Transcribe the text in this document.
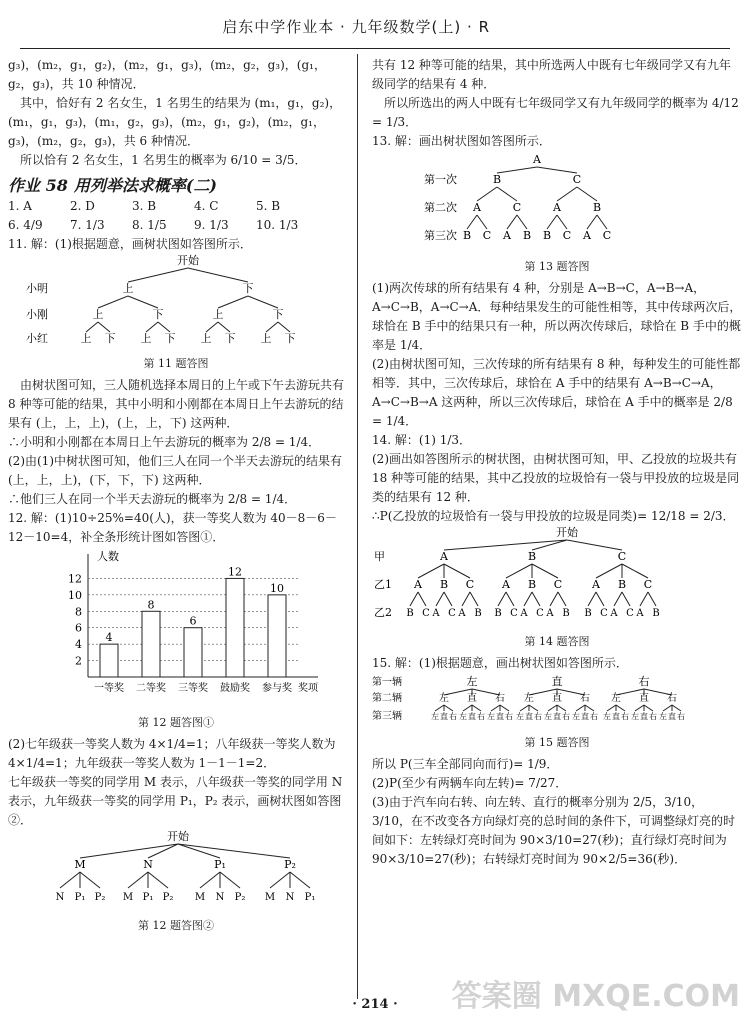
启东中学作业本 · 九年级数学(上) · R

g₃)，(m₂，g₁，g₂)，(m₂，g₁，g₃)，(m₂，g₂，g₃)，(g₁，g₂，g₃)，共 10 种情况．

其中，恰好有 2 名女生，1 名男生的结果为 (m₁，g₁，g₂)，(m₁，g₁，g₃)，(m₁，g₂，g₃)，(m₂，g₁，g₂)，(m₂，g₁，g₃)，(m₂，g₂，g₃)，共 6 种情况．

所以恰有 2 名女生，1 名男生的概率为 6/10 = 3/5．

作业 58 用列举法求概率(二)
1. A	2. D	3. B	4. C	5. B
6. 4/9	7. 1/3	8. 1/5	9. 1/3	10. 1/3

11. 解：(1)根据题意，画树状图如答图所示．

开始
小明
小刚
小红
上	下
上
上 下
下
上 下
上
上 下
下
上 下
第 11 题答图

由树状图可知，三人随机选择本周日的上午或下午去游玩共有 8 种等可能的结果，其中小明和小刚都在本周日上午去游玩的结果有 (上，上，上)，(上，上，下) 这两种．

∴小明和小刚都在本周日上午去游玩的概率为 2/8 = 1/4．

(2)由(1)中树状图可知，他们三人在同一个半天去游玩的结果有 (上，上，上)，(下，下，下) 这两种．

∴他们三人在同一个半天去游玩的概率为 2/8 = 1/4．

12. 解：(1)10÷25%=40(人)，获一等奖人数为 40－8－6－12－10=4，补全条形统计图如答图①．

人数
2
4
6
8
10
12
4
一等奖
8
二等奖
6
三等奖
12
鼓励奖
10
参与奖 奖项
第 12 题答图①

(2)七年级获一等奖人数为 4×1/4=1；八年级获一等奖人数为 4×1/4=1；九年级获一等奖人数为 1－1－1=2．

七年级获一等奖的同学用 M 表示，八年级获一等奖的同学用 N 表示，九年级获一等奖的同学用 P₁，P₂ 表示，画树状图如答图②．

开始
M
N P₁ P₂
N
M P₁ P₂
P₁
M N P₂
P₂
M N P₁
第 12 题答图②

共有 12 种等可能的结果，其中所选两人中既有七年级同学又有九年级同学的结果有 4 种．

所以所选出的两人中既有七年级同学又有九年级同学的概率为 4/12 = 1/3．

13. 解：画出树状图如答图所示．

第一次
第二次
第三次
A
B	C
A	C	A	B
B C A B B C A C
第 13 题答图

(1)两次传球的所有结果有 4 种，分别是 A→B→C，A→B→A，A→C→B，A→C→A．每种结果发生的可能性相等，其中传球两次后，球恰在 B 手中的结果只有一种，所以两次传球后，球恰在 B 手中的概率是 1/4．

(2)由树状图可知，三次传球的所有结果有 8 种，每种发生的可能性都相等．其中，三次传球后，球恰在 A 手中的结果有 A→B→C→A，A→C→B→A 这两种，所以三次传球后，球恰在 A 手中的概率是 2/8 = 1/4．

14. 解：(1) 1/3．

(2)画出如答图所示的树状图，由树状图可知，甲、乙投放的垃圾共有 18 种等可能的结果，其中乙投放的垃圾恰有一袋与甲投放的垃圾是同类的结果有 12 种．

∴P(乙投放的垃圾恰有一袋与甲投放的垃圾是同类)= 12/18 = 2/3．

开始
甲
乙1
乙2
A
A
B C
B
A C
C
A B
B
A
B C
B
A C
C
A B
C
A
B C
B
A C
C
A B
第 14 题答图

15. 解：(1)根据题意，画出树状图如答图所示．

第一辆
第二辆
第三辆
左
左
左 直 右
直
左 直 右
右
左 直 右
直
左
左 直 右
直
左 直 右
右
左 直 右
右
左
左 直 右
直
左 直 右
右
左 直 右
第 15 题答图

所以 P(三车全部同向而行)= 1/9．

(2)P(至少有两辆车向左转)= 7/27．

(3)由于汽车向右转、向左转、直行的概率分别为 2/5，3/10，3/10，在不改变各方向绿灯亮的总时间的条件下，可调整绿灯亮的时间如下：左转绿灯亮时间为 90×3/10=27(秒)；直行绿灯亮时间为 90×3/10=27(秒)；右转绿灯亮时间为 90×2/5=36(秒)．

· 214 ·	答案圈 MXQE.COM
